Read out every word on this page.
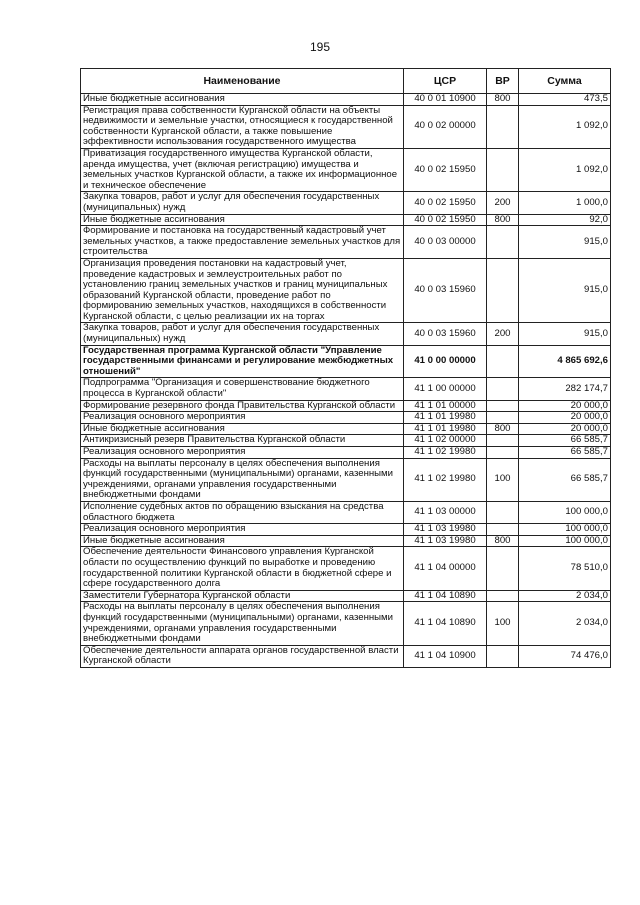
195
Наименование	ЦСР	ВР	Сумма
Иные бюджетные ассигнования	40 0 01 10900	800	473,5
Регистрация права собственности Курганской области на объекты недвижимости и земельные участки, относящиеся к государственной собственности Курганской области, а также повышение эффективности использования государственного имущества	40 0 02 00000		1 092,0
Приватизация государственного имущества Курганской области, аренда имущества, учет (включая регистрацию) имущества и земельных участков Курганской области, а также их информационное и техническое обеспечение	40 0 02 15950		1 092,0
Закупка товаров, работ и услуг для обеспечения государственных (муниципальных) нужд	40 0 02 15950	200	1 000,0
Иные бюджетные ассигнования	40 0 02 15950	800	92,0
Формирование и постановка на государственный кадастровый учет земельных участков, а также предоставление земельных участков для строительства	40 0 03 00000		915,0
Организация проведения постановки на кадастровый учет, проведение кадастровых и землеустроительных работ по установлению границ земельных участков и границ муниципальных образований Курганской области, проведение работ по формированию земельных участков, находящихся в собственности Курганской области, с целью реализации их на торгах	40 0 03 15960		915,0
Закупка товаров, работ и услуг для обеспечения государственных (муниципальных) нужд	40 0 03 15960	200	915,0
Государственная программа Курганской области "Управление государственными финансами и регулирование межбюджетных отношений"	41 0 00 00000		4 865 692,6
Подпрограмма "Организация и совершенствование бюджетного процесса в Курганской области"	41 1 00 00000		282 174,7
Формирование резервного фонда Правительства Курганской области	41 1 01 00000		20 000,0
Реализация основного мероприятия	41 1 01 19980		20 000,0
Иные бюджетные ассигнования	41 1 01 19980	800	20 000,0
Антикризисный резерв Правительства Курганской области	41 1 02 00000		66 585,7
Реализация основного мероприятия	41 1 02 19980		66 585,7
Расходы на выплаты персоналу в целях обеспечения выполнения функций государственными (муниципальными) органами, казенными учреждениями, органами управления государственными внебюджетными фондами	41 1 02 19980	100	66 585,7
Исполнение судебных актов по обращению взыскания на средства областного бюджета	41 1 03 00000		100 000,0
Реализация основного мероприятия	41 1 03 19980		100 000,0
Иные бюджетные ассигнования	41 1 03 19980	800	100 000,0
Обеспечение деятельности Финансового управления Курганской области по осуществлению функций по выработке и проведению государственной политики Курганской области в бюджетной сфере и сфере государственного долга	41 1 04 00000		78 510,0
Заместители Губернатора Курганской области	41 1 04 10890		2 034,0
Расходы на выплаты персоналу в целях обеспечения выполнения функций государственными (муниципальными) органами, казенными учреждениями, органами управления государственными внебюджетными фондами	41 1 04 10890	100	2 034,0
Обеспечение деятельности аппарата органов государственной власти Курганской области	41 1 04 10900		74 476,0
